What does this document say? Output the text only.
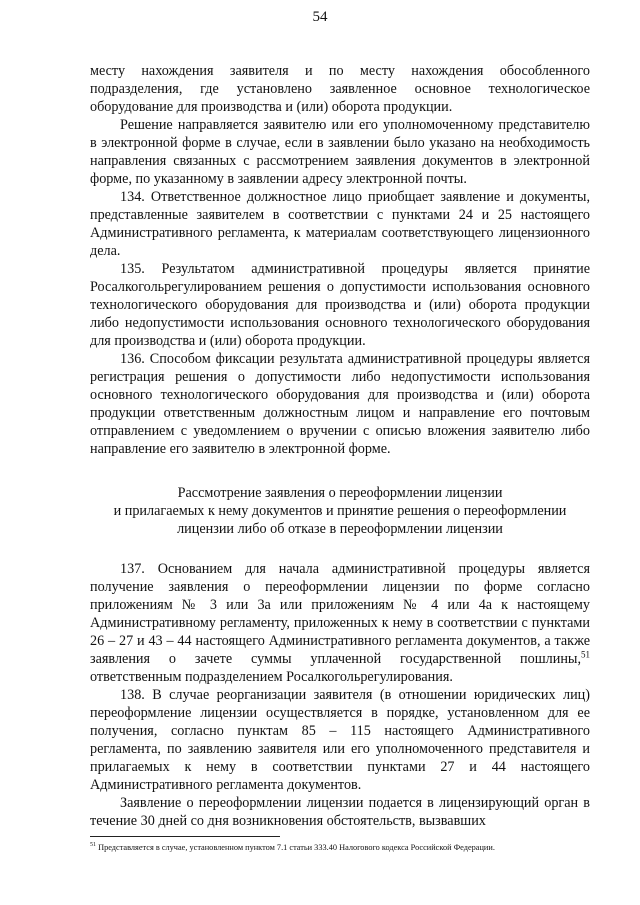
54

месту нахождения заявителя и по месту нахождения обособленного подразделения, где установлено заявленное основное технологическое оборудование для производства и (или) оборота продукции.

Решение направляется заявителю или его уполномоченному представителю в электронной форме в случае, если в заявлении было указано на необходимость направления связанных с рассмотрением заявления документов в электронной форме, по указанному в заявлении адресу электронной почты.

134. Ответственное должностное лицо приобщает заявление и документы, представленные заявителем в соответствии с пунктами 24 и 25 настоящего Административного регламента, к материалам соответствующего лицензионного дела.

135. Результатом административной процедуры является принятие Росалкогольрегулированием решения о допустимости использования основного технологического оборудования для производства и (или) оборота продукции либо недопустимости использования основного технологического оборудования для производства и (или) оборота продукции.

136. Способом фиксации результата административной процедуры является регистрация решения о допустимости либо недопустимости использования основного технологического оборудования для производства и (или) оборота продукции ответственным должностным лицом и направление его почтовым отправлением с уведомлением о вручении с описью вложения заявителю либо направление его заявителю в электронной форме.

Рассмотрение заявления о переоформлении лицензии
и прилагаемых к нему документов и принятие решения о переоформлении
лицензии либо об отказе в переоформлении лицензии

137. Основанием для начала административной процедуры является получение заявления о переоформлении лицензии по форме согласно приложениям № 3 или 3а или приложениям № 4 или 4а к настоящему Административному регламенту, приложенных к нему в соответствии с пунктами 26 – 27 и 43 – 44 настоящего Административного регламента документов, а также заявления о зачете суммы уплаченной государственной пошлины,$^{51}$ ответственным подразделением Росалкогольрегулирования.

138. В случае реорганизации заявителя (в отношении юридических лиц) переоформление лицензии осуществляется в порядке, установленном для ее получения, согласно пунктам 85 – 115 настоящего Административного регламента, по заявлению заявителя или его уполномоченного представителя и прилагаемых к нему в соответствии пунктами 27 и 44 настоящего Административного регламента документов.

Заявление о переоформлении лицензии подается в лицензирующий орган в течение 30 дней со дня возникновения обстоятельств, вызвавших

$^{51}$ Представляется в случае, установленном пунктом 7.1 статьи 333.40 Налогового кодекса Российской Федерации.
